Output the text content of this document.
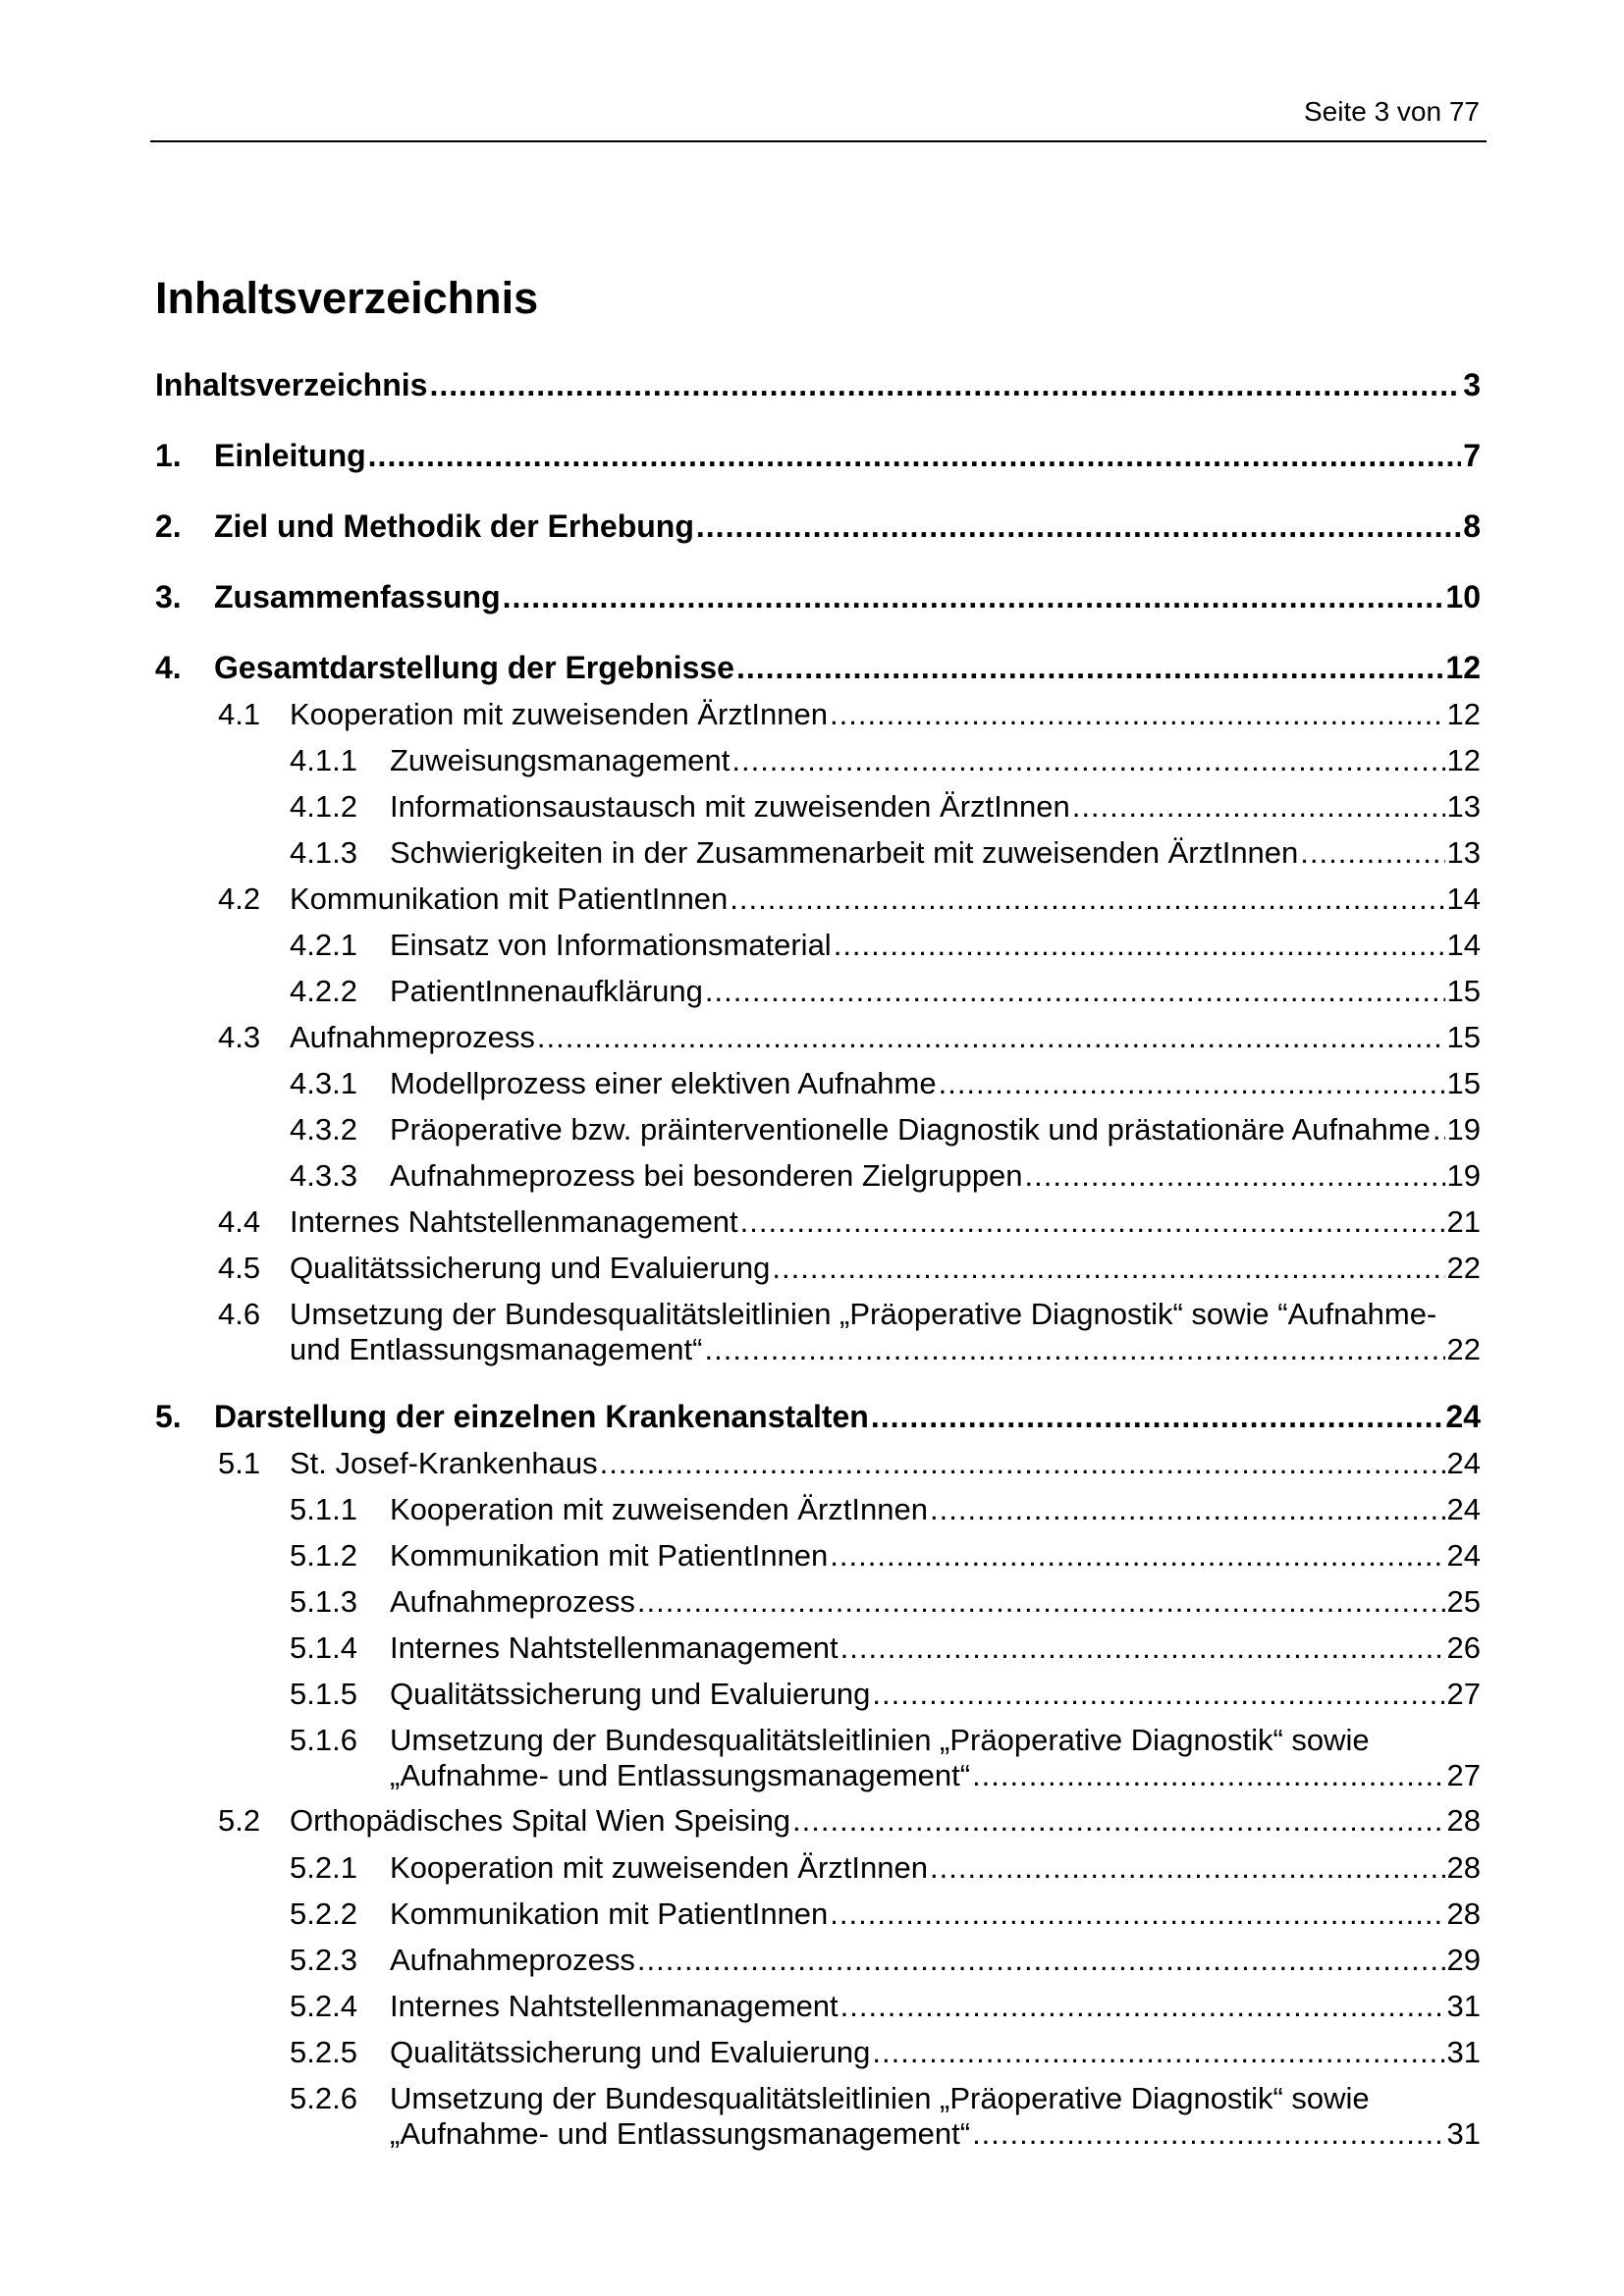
Seite 3 von 77
Inhaltsverzeichnis
Inhaltsverzeichnis .....	3
1. Einleitung .....	7
2. Ziel und Methodik der Erhebung .....	8
3. Zusammenfassung .....	10
4. Gesamtdarstellung der Ergebnisse .....	12
4.1 Kooperation mit zuweisenden ÄrztInnen .....	12
4.1.1 Zuweisungsmanagement .....	12
4.1.2 Informationsaustausch mit zuweisenden ÄrztInnen .....	13
4.1.3 Schwierigkeiten in der Zusammenarbeit mit zuweisenden ÄrztInnen .....	13
4.2 Kommunikation mit PatientInnen .....	14
4.2.1 Einsatz von Informationsmaterial .....	14
4.2.2 PatientInnenaufklärung .....	15
4.3 Aufnahmeprozess .....	15
4.3.1 Modellprozess einer elektiven Aufnahme .....	15
4.3.2 Präoperative bzw. präinterventionelle Diagnostik und prästationäre Aufnahme ..... 19
4.3.3 Aufnahmeprozess bei besonderen Zielgruppen .....	19
4.4 Internes Nahtstellenmanagement .....	21
4.5 Qualitätssicherung und Evaluierung .....	22
4.6 Umsetzung der Bundesqualitätsleitlinien „Präoperative Diagnostik“ sowie “Aufnahme-
und Entlassungsmanagement“ .....	22
5. Darstellung der einzelnen Krankenanstalten .....	24
5.1 St. Josef-Krankenhaus .....	24
5.1.1 Kooperation mit zuweisenden ÄrztInnen .....	24
5.1.2 Kommunikation mit PatientInnen .....	24
5.1.3 Aufnahmeprozess .....	25
5.1.4 Internes Nahtstellenmanagement .....	26
5.1.5 Qualitätssicherung und Evaluierung .....	27
5.1.6 Umsetzung der Bundesqualitätsleitlinien „Präoperative Diagnostik“ sowie
„Aufnahme- und Entlassungsmanagement“ .....	27
5.2 Orthopädisches Spital Wien Speising .....	28
5.2.1 Kooperation mit zuweisenden ÄrztInnen .....	28
5.2.2 Kommunikation mit PatientInnen .....	28
5.2.3 Aufnahmeprozess .....	29
5.2.4 Internes Nahtstellenmanagement .....	31
5.2.5 Qualitätssicherung und Evaluierung .....	31
5.2.6 Umsetzung der Bundesqualitätsleitlinien „Präoperative Diagnostik“ sowie
„Aufnahme- und Entlassungsmanagement“ .....	31
